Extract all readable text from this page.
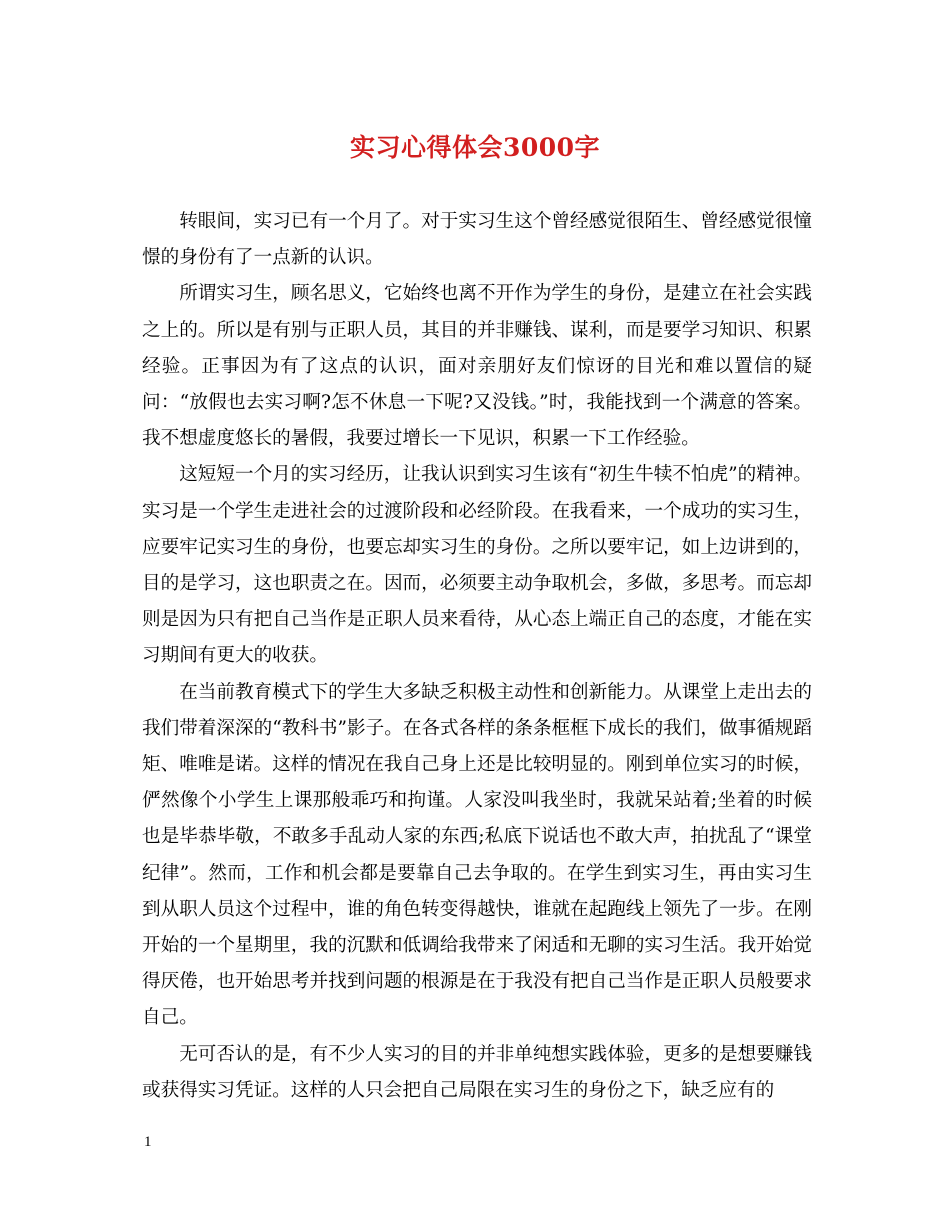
实习心得体会3000字

转眼间，实习已有一个月了。对于实习生这个曾经感觉很陌生、曾经感觉很憧憬的身份有了一点新的认识。

所谓实习生，顾名思义，它始终也离不开作为学生的身份，是建立在社会实践之上的。所以是有别与正职人员，其目的并非赚钱、谋利，而是要学习知识、积累经验。正事因为有了这点的认识，面对亲朋好友们惊讶的目光和难以置信的疑问：“放假也去实习啊?怎不休息一下呢?又没钱。”时，我能找到一个满意的答案。我不想虚度悠长的暑假，我要过增长一下见识，积累一下工作经验。

这短短一个月的实习经历，让我认识到实习生该有“初生牛犊不怕虎”的精神。实习是一个学生走进社会的过渡阶段和必经阶段。在我看来，一个成功的实习生，应要牢记实习生的身份，也要忘却实习生的身份。之所以要牢记，如上边讲到的，目的是学习，这也职责之在。因而，必须要主动争取机会，多做，多思考。而忘却则是因为只有把自己当作是正职人员来看待，从心态上端正自己的态度，才能在实习期间有更大的收获。

在当前教育模式下的学生大多缺乏积极主动性和创新能力。从课堂上走出去的我们带着深深的“教科书”影子。在各式各样的条条框框下成长的我们，做事循规蹈矩、唯唯是诺。这样的情况在我自己身上还是比较明显的。刚到单位实习的时候，俨然像个小学生上课那般乖巧和拘谨。人家没叫我坐时，我就呆站着;坐着的时候也是毕恭毕敬，不敢多手乱动人家的东西;私底下说话也不敢大声，拍扰乱了“课堂纪律”。然而，工作和机会都是要靠自己去争取的。在学生到实习生，再由实习生到从职人员这个过程中，谁的角色转变得越快，谁就在起跑线上领先了一步。在刚开始的一个星期里，我的沉默和低调给我带来了闲适和无聊的实习生活。我开始觉得厌倦，也开始思考并找到问题的根源是在于我没有把自己当作是正职人员般要求自己。

无可否认的是，有不少人实习的目的并非单纯想实践体验，更多的是想要赚钱或获得实习凭证。这样的人只会把自己局限在实习生的身份之下，缺乏应有的

1
